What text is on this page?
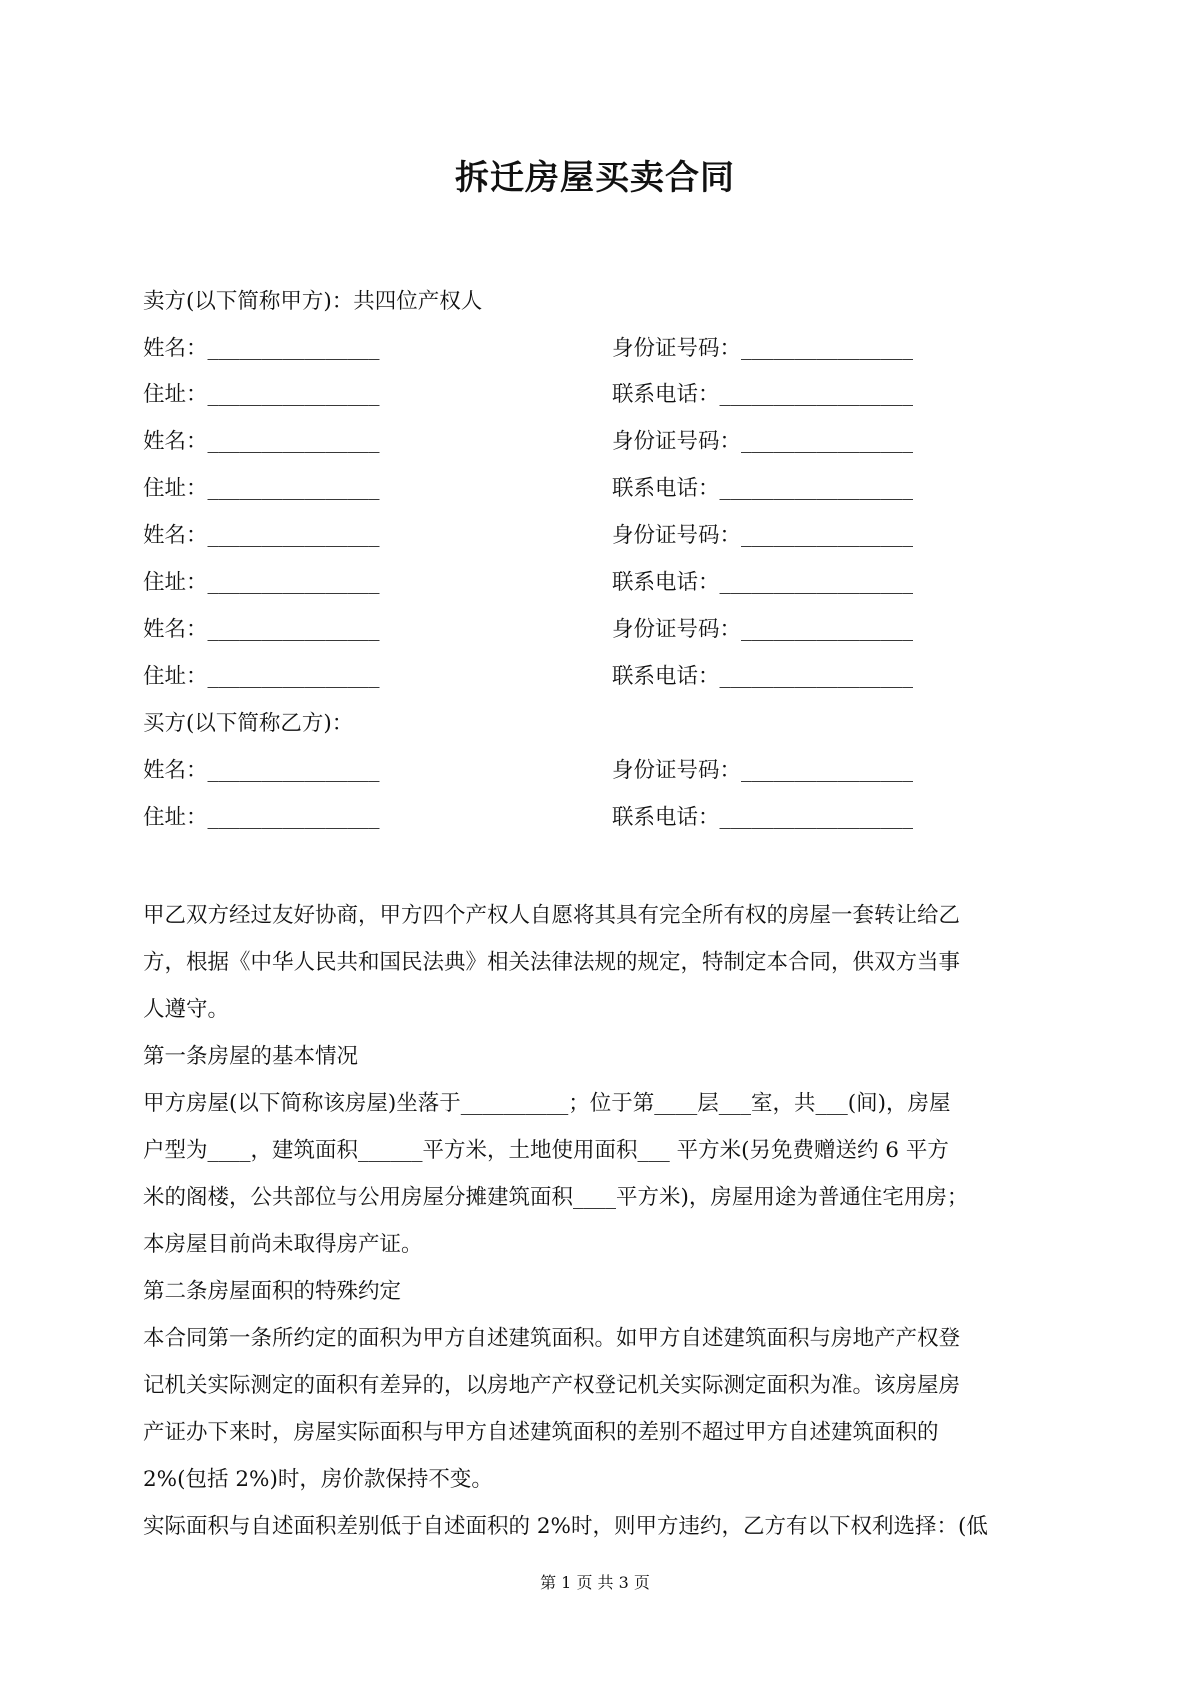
拆迁房屋买卖合同
卖方(以下简称甲方)：共四位产权人
姓名：________________	身份证号码：________________
住址：________________	联系电话：__________________
姓名：________________	身份证号码：________________
住址：________________	联系电话：__________________
姓名：________________	身份证号码：________________
住址：________________	联系电话：__________________
姓名：________________	身份证号码：________________
住址：________________	联系电话：__________________
买方(以下简称乙方)：
姓名：________________	身份证号码：________________
住址：________________	联系电话：__________________
甲乙双方经过友好协商，甲方四个产权人自愿将其具有完全所有权的房屋一套转让给乙
方，根据《中华人民共和国民法典》相关法律法规的规定，特制定本合同，供双方当事
人遵守。
第一条房屋的基本情况
甲方房屋(以下简称该房屋)坐落于__________；位于第____层___室，共___(间)，房屋
户型为____，建筑面积______平方米，土地使用面积___ 平方米(另免费赠送约 6 平方
米的阁楼，公共部位与公用房屋分摊建筑面积____平方米)，房屋用途为普通住宅用房；
本房屋目前尚未取得房产证。
第二条房屋面积的特殊约定
本合同第一条所约定的面积为甲方自述建筑面积。如甲方自述建筑面积与房地产产权登
记机关实际测定的面积有差异的，以房地产产权登记机关实际测定面积为准。该房屋房
产证办下来时，房屋实际面积与甲方自述建筑面积的差别不超过甲方自述建筑面积的
2%(包括 2%)时，房价款保持不变。
实际面积与自述面积差别低于自述面积的 2%时，则甲方违约，乙方有以下权利选择：(低
第 1 页 共 3 页
